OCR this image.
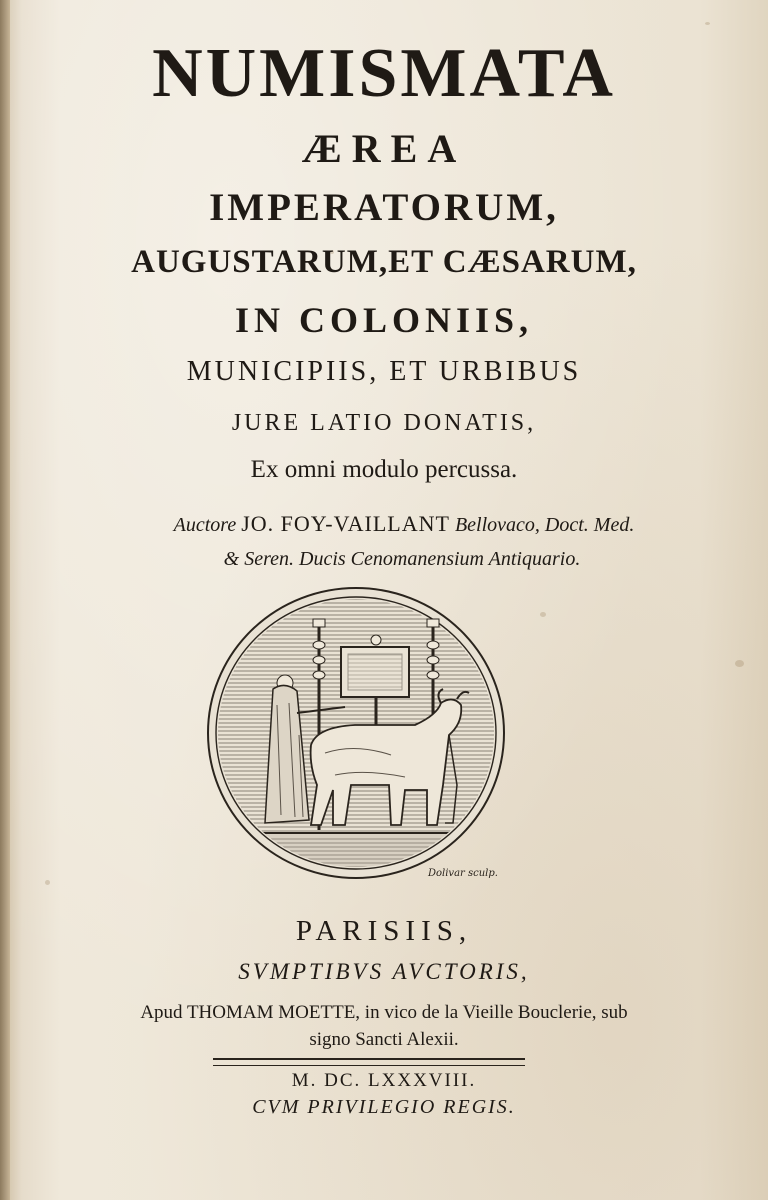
NUMISMATA
ÆREA
IMPERATORUM,
AUGUSTARUM,ET CÆSARUM,
IN COLONIIS,
MUNICIPIIS, ET URBIBUS
JURE LATIO DONATIS,
Ex omni modulo percussa.
Auctore JO. FOY-VAILLANT Bellovaco, Doct. Med.
& Seren. Ducis Cenomanensium Antiquario.
Dolivar sculp.
PARISIIS,
SVMPTIBVS AVCTORIS,
Apud THOMAM MOETTE, in vico de la Vieille Bouclerie, sub
signo Sancti Alexii.
M. DC. LXXXVIII.
CVM PRIVILEGIO REGIS.
